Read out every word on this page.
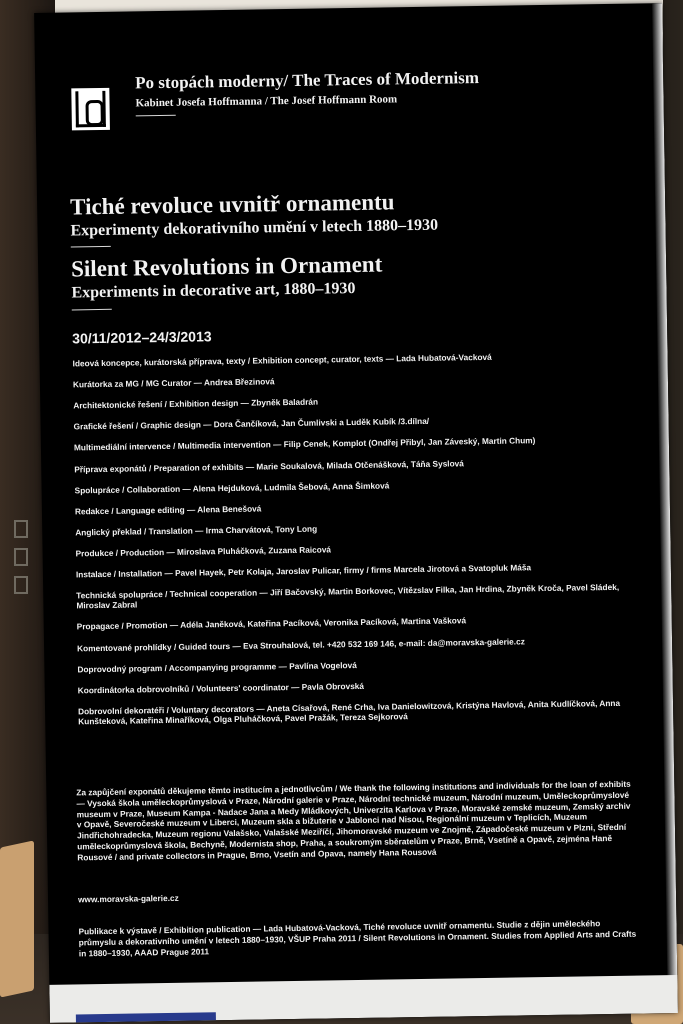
Po stopách moderny/ The Traces of Modernism
Kabinet Josefa Hoffmanna / The Josef Hoffmann Room
Tiché revoluce uvnitř ornamentu
Experimenty dekorativního umění v letech 1880–1930
Silent Revolutions in Ornament
Experiments in decorative art, 1880–1930
30/11/2012–24/3/2013

Ideová koncepce, kurátorská příprava, texty / Exhibition concept, curator, texts — Lada Hubatová-Vacková

Kurátorka za MG / MG Curator — Andrea Březinová

Architektonické řešení / Exhibition design — Zbyněk Baladrán

Grafické řešení / Graphic design — Dora Čančíková, Jan Čumlivski a Luděk Kubík /3.dílna/

Multimediální intervence / Multimedia intervention — Filip Cenek, Komplot (Ondřej Přibyl, Jan Záveský, Martin Chum)

Příprava exponátů / Preparation of exhibits — Marie Soukalová, Milada Otčenášková, Táňa Syslová

Spolupráce / Collaboration — Alena Hejduková, Ludmila Šebová, Anna Šimková

Redakce / Language editing — Alena Benešová

Anglický překlad / Translation — Irma Charvátová, Tony Long

Produkce / Production — Miroslava Pluháčková, Zuzana Raicová

Instalace / Installation — Pavel Hayek, Petr Kolaja, Jaroslav Pulicar, firmy / firms Marcela Jirotová a Svatopluk Máša

Technická spolupráce / Technical cooperation — Jiří Bačovský, Martin Borkovec, Vítězslav Filka, Jan Hrdina, Zbyněk Kroča, Pavel Sládek, Miroslav Zabral

Propagace / Promotion — Adéla Janěková, Kateřina Pacíková, Veronika Pacíková, Martina Vašková

Komentované prohlídky / Guided tours — Eva Strouhalová, tel. +420 532 169 146, e-mail: da@moravska-galerie.cz

Doprovodný program / Accompanying programme — Pavlína Vogelová

Koordinátorka dobrovolníků / Volunteers' coordinator — Pavla Obrovská

Dobrovolní dekoratéři / Voluntary decorators — Aneta Císařová, René Crha, Iva Danielowitzová, Kristýna Havlová, Anita Kudlíčková, Anna Kunšteková, Kateřina Minaříková, Olga Pluháčková, Pavel Pražák, Tereza Sejkorová

Za zapůjčení exponátů děkujeme těmto institucím a jednotlivcům / We thank the following institutions and individuals for the loan of exhibits — Vysoká škola uměleckoprůmyslová v Praze, Národní galerie v Praze, Národní technické muzeum, Národní muzeum, Uměleckoprůmyslové museum v Praze, Museum Kampa - Nadace Jana a Medy Mládkových, Univerzita Karlova v Praze, Moravské zemské muzeum, Zemský archiv v Opavě, Severočeské muzeum v Liberci, Muzeum skla a bižuterie v Jablonci nad Nisou, Regionální muzeum v Teplicích, Muzeum Jindřichohradecka, Muzeum regionu Valašsko, Valašské Meziříčí, Jihomoravské muzeum ve Znojmě, Západočeské muzeum v Plzni, Střední uměleckoprůmyslová škola, Bechyně, Modernista shop, Praha, a soukromým sběratelům v Praze, Brně, Vsetíně a Opavě, zejména Haně Rousové / and private collectors in Prague, Brno, Vsetín and Opava, namely Hana Rousová
www.moravska-galerie.cz
Publikace k výstavě / Exhibition publication — Lada Hubatová-Vacková, Tiché revoluce uvnitř ornamentu. Studie z dějin uměleckého průmyslu a dekorativního umění v letech 1880–1930, VŠUP Praha 2011 / Silent Revolutions in Ornament. Studies from Applied Arts and Crafts in 1880–1930, AAAD Prague 2011
